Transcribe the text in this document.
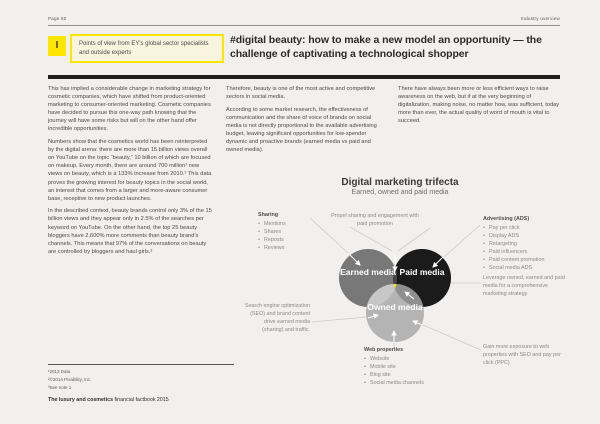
Page 60	Industry overview
I	Points of view from EY's global sector specialists and outside experts
#digital beauty: how to make a new model an opportunity — the challenge of captivating a technological shopper

This has implied a considerable change in marketing strategy for cosmetic companies, which have shifted from product-oriented marketing to consumer-oriented marketing. Cosmetic companies have decided to pursue this one-way path knowing that the journey will have some risks but will on the other hand offer incredible opportunities.

Numbers show that the cosmetics world has been reinterpreted by the digital arena: there are more than 15 billion views overall on YouTube on the topic “beauty,” 10 billion of which are focused on makeup. Every month, there are around 700 million¹ new views on beauty, which is a 133% increase from 2010.² This data proves the growing interest for beauty topics in the social world, an interest that comes from a larger and more-aware consumer base, receptive to new product launches.

In the described context, beauty brands control only 3% of the 15 billion views and they appear only in 2.5% of the searches per keyword on YouTube. On the other hand, the top 25 beauty bloggers have 2,600% more comments than beauty brand’s channels. This means that 97% of the conversations on beauty are controlled by bloggers and haul girls.³

Therefore, beauty is one of the most active and competitive sectors in social media.

According to some market research, the effectiveness of communication and the share of voice of brands on social media is not directly proportional to the available advertising budget, leaving significant opportunities for low-spender dynamic and proactive brands (earned media vs paid and owned media).

There have always been more or less efficient ways to raise awareness on the web, but if at the very beginning of digitalization, making noise, no matter how, was sufficient, today more than ever, the actual quality of word of mouth is vital to succeed.

Digital marketing trifecta
Earned, owned and paid media
Earned media Paid media
Owned media
Sharing
• Mentions
• Shares
• Reposts
• Reviews
Propel sharing and engagement with paid promotion
Advertising (ADS)
• Pay per click
• Display ADS
• Retargeting
• Paid influencers
• Paid content promotion
• Social media ADS
Leverage owned, earned and paid media for a comprehensive marketing strategy
Search engine optimization (SEO) and brand content drive earned media (sharing) and traffic.
Web properties
• Website
• Mobile site
• Blog site
• Social media channels
Gain more exposure to web properties with SEO and pay per click (PPC)
¹2013 Data
²©2014 Pixability, Inc.
³See note 1
The luxury and cosmetics financial factbook 2015
